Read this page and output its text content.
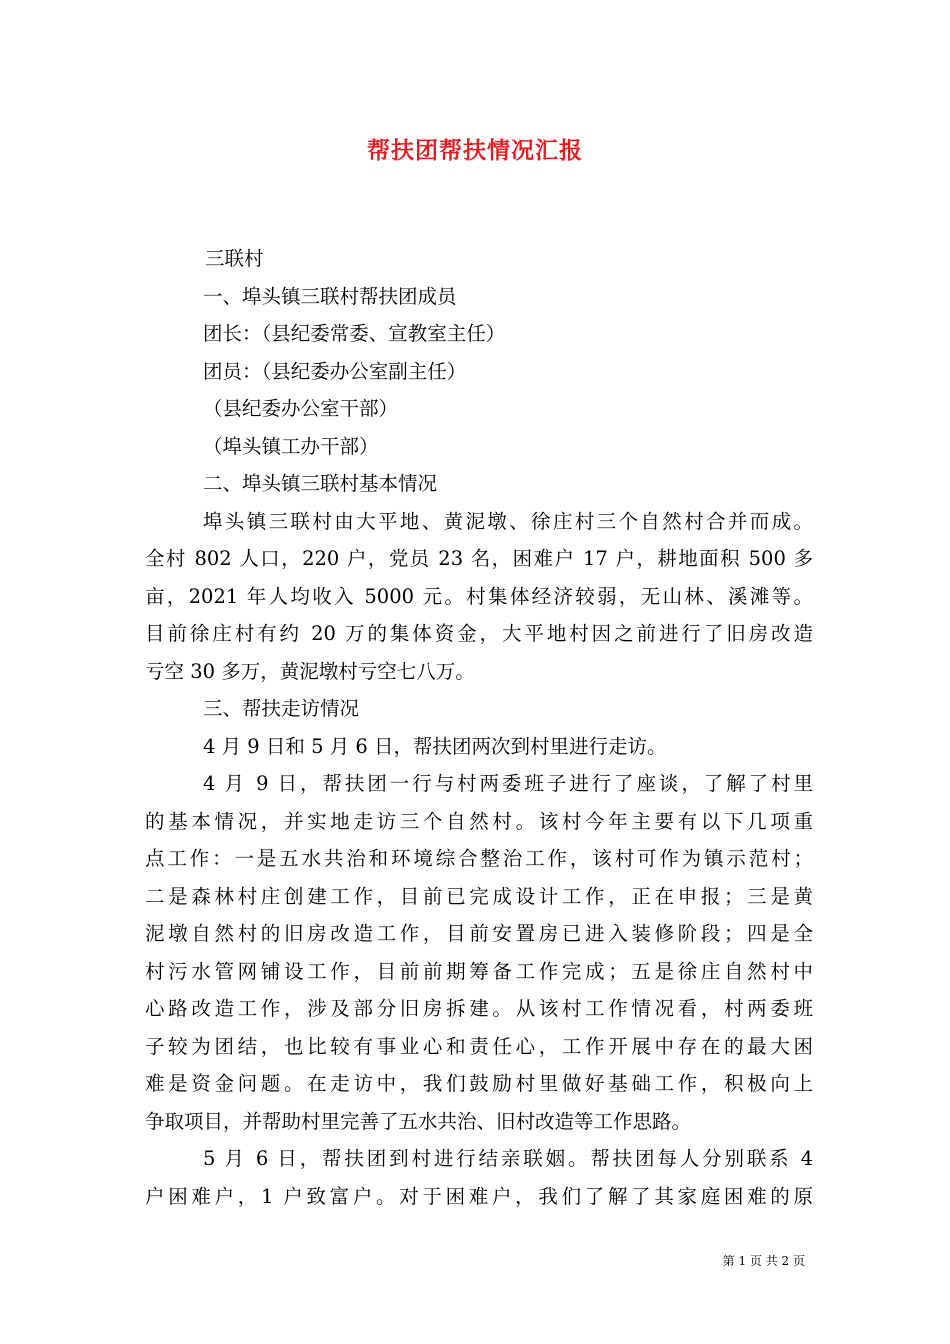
帮扶团帮扶情况汇报
三联村
一、埠头镇三联村帮扶团成员
团长：（县纪委常委、宣教室主任）
团员：（县纪委办公室副主任）
（县纪委办公室干部）
（埠头镇工办干部）
二、埠头镇三联村基本情况
埠头镇三联村由大平地、黄泥墩、徐庄村三个自然村合并而成。
全村 802 人口，220 户，党员 23 名，困难户 17 户，耕地面积 500 多
亩，2021 年人均收入 5000 元。村集体经济较弱，无山林、溪滩等。
目前徐庄村有约 20 万的集体资金，大平地村因之前进行了旧房改造
亏空 30 多万，黄泥墩村亏空七八万。
三、帮扶走访情况
4 月 9 日和 5 月 6 日，帮扶团两次到村里进行走访。
4 月 9 日，帮扶团一行与村两委班子进行了座谈，了解了村里
的基本情况，并实地走访三个自然村。该村今年主要有以下几项重
点工作：一是五水共治和环境综合整治工作，该村可作为镇示范村；
二是森林村庄创建工作，目前已完成设计工作，正在申报；三是黄
泥墩自然村的旧房改造工作，目前安置房已进入装修阶段；四是全
村污水管网铺设工作，目前前期筹备工作完成；五是徐庄自然村中
心路改造工作，涉及部分旧房拆建。从该村工作情况看，村两委班
子较为团结，也比较有事业心和责任心，工作开展中存在的最大困
难是资金问题。在走访中，我们鼓励村里做好基础工作，积极向上
争取项目，并帮助村里完善了五水共治、旧村改造等工作思路。
5 月 6 日，帮扶团到村进行结亲联姻。帮扶团每人分别联系 4
户困难户，1 户致富户。对于困难户，我们了解了其家庭困难的原
第 1 页 共 2 页
